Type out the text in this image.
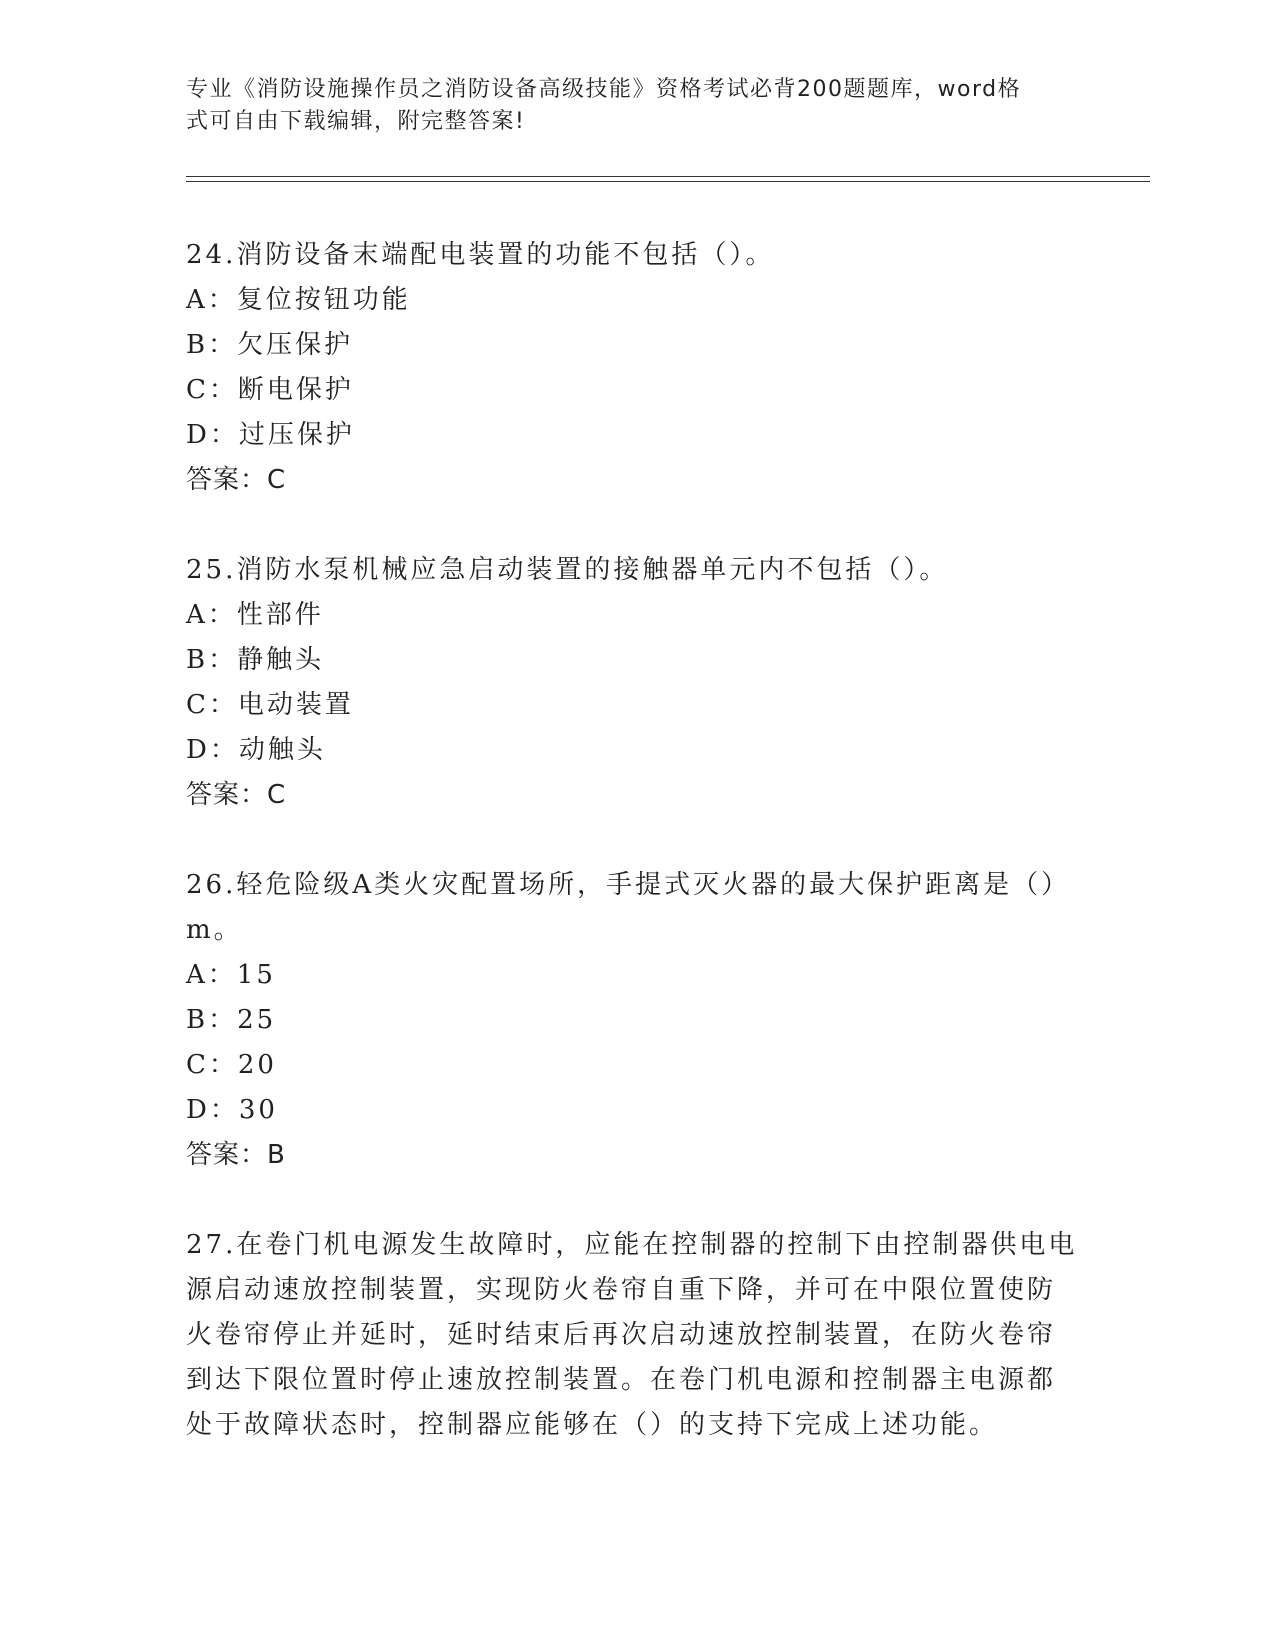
专业《消防设施操作员之消防设备高级技能》资格考试必背200题题库，word格
式可自由下载编辑，附完整答案!
24.消防设备末端配电装置的功能不包括（）。
A：复位按钮功能
B：欠压保护
C：断电保护
D：过压保护
答案：C
25.消防水泵机械应急启动装置的接触器单元内不包括（）。
A：性部件
B：静触头
C：电动装置
D：动触头
答案：C
26.轻危险级A类火灾配置场所，手提式灭火器的最大保护距离是（）
m。
A：15
B：25
C：20
D：30
答案：B
27.在卷门机电源发生故障时，应能在控制器的控制下由控制器供电电
源启动速放控制装置，实现防火卷帘自重下降，并可在中限位置使防
火卷帘停止并延时，延时结束后再次启动速放控制装置，在防火卷帘
到达下限位置时停止速放控制装置。在卷门机电源和控制器主电源都
处于故障状态时，控制器应能够在（）的支持下完成上述功能。
